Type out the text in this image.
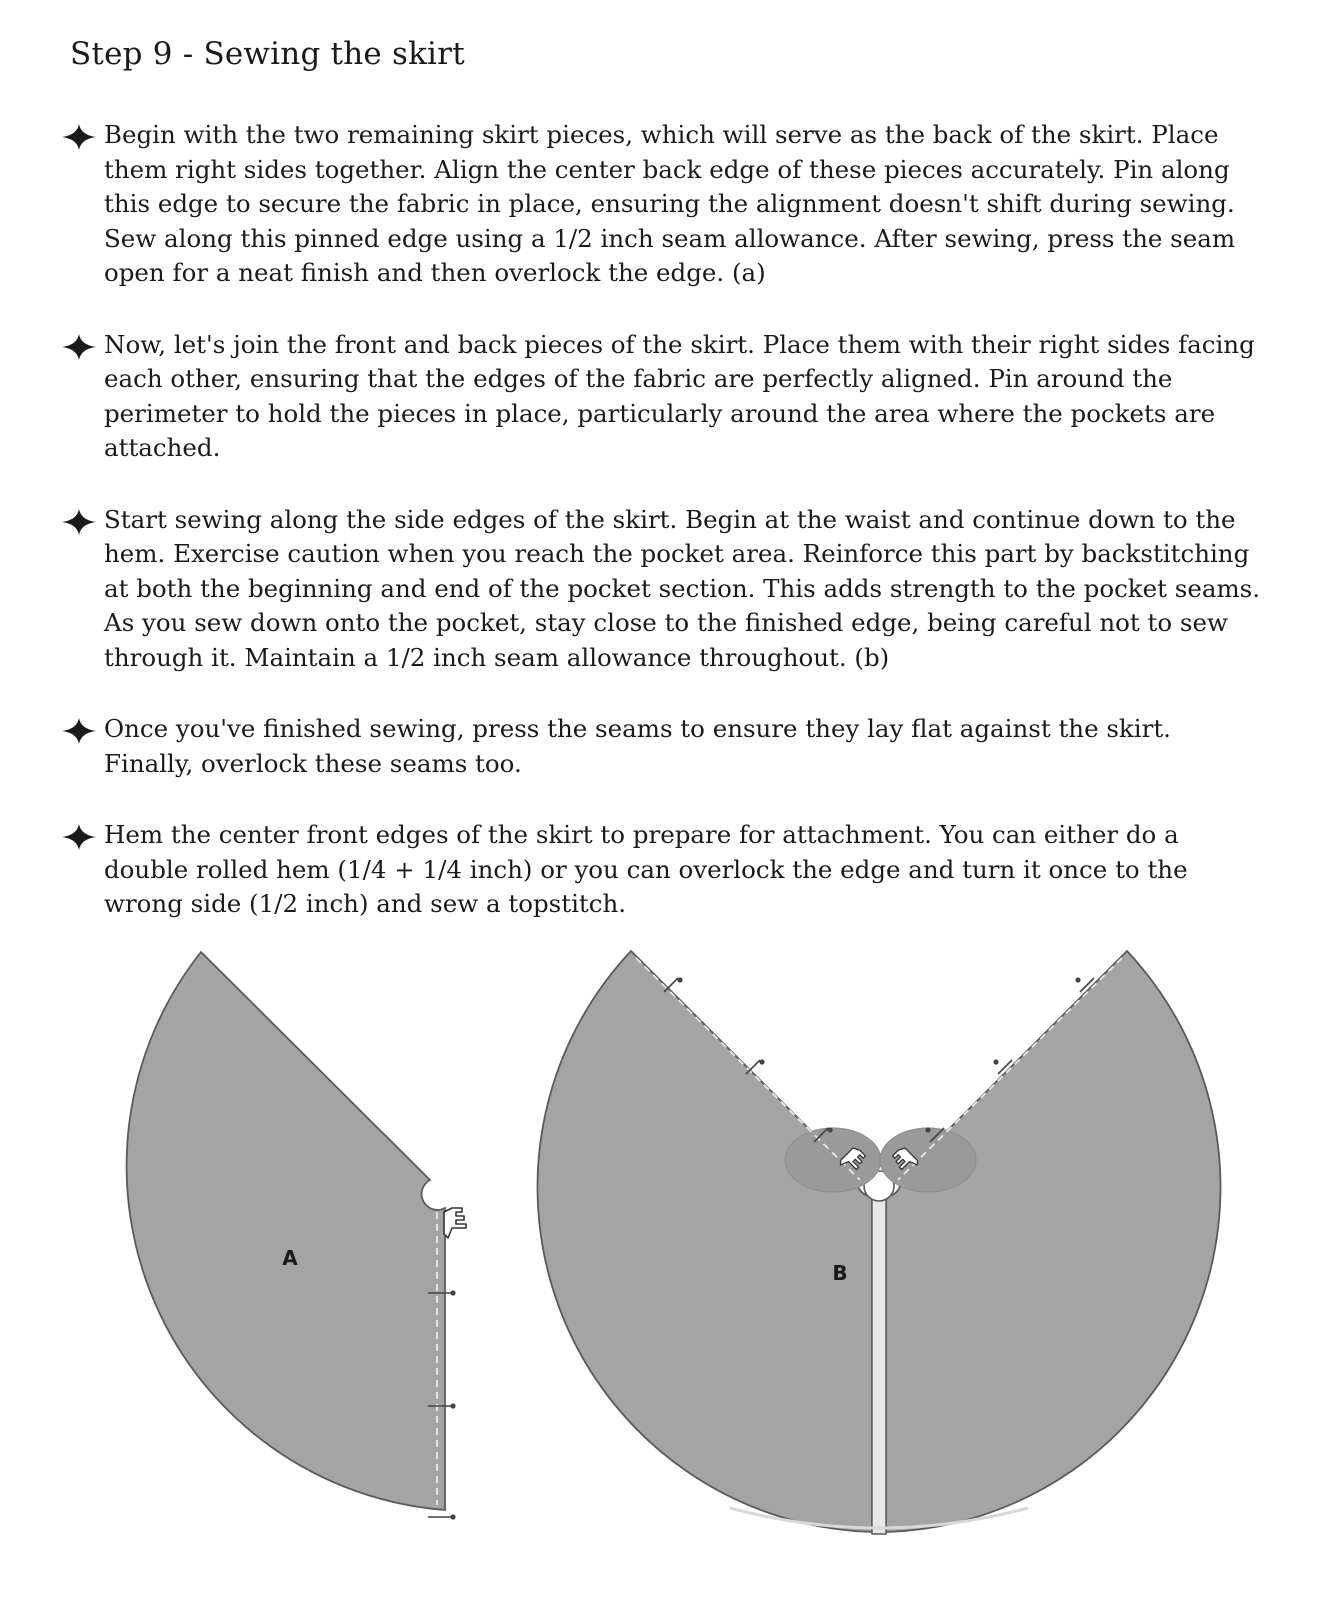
Step 9 - Sewing the skirt

Begin with the two remaining skirt pieces, which will serve as the back of the skirt. Place them right sides together. Align the center back edge of these pieces accurately. Pin along this edge to secure the fabric in place, ensuring the alignment doesn't shift during sewing. Sew along this pinned edge using a 1/2 inch seam allowance. After sewing, press the seam open for a neat finish and then overlock the edge. (a)

Now, let's join the front and back pieces of the skirt. Place them with their right sides facing each other, ensuring that the edges of the fabric are perfectly aligned. Pin around the perimeter to hold the pieces in place, particularly around the area where the pockets are attached.

Start sewing along the side edges of the skirt. Begin at the waist and continue down to the hem. Exercise caution when you reach the pocket area. Reinforce this part by backstitching at both the beginning and end of the pocket section. This adds strength to the pocket seams. As you sew down onto the pocket, stay close to the finished edge, being careful not to sew through it. Maintain a 1/2 inch seam allowance throughout. (b)

Once you've finished sewing, press the seams to ensure they lay flat against the skirt. Finally, overlock these seams too.

Hem the center front edges of the skirt to prepare for attachment. You can either do a double rolled hem (1/4 + 1/4 inch) or you can overlock the edge and turn it once to the wrong side (1/2 inch) and sew a topstitch.

A
B
